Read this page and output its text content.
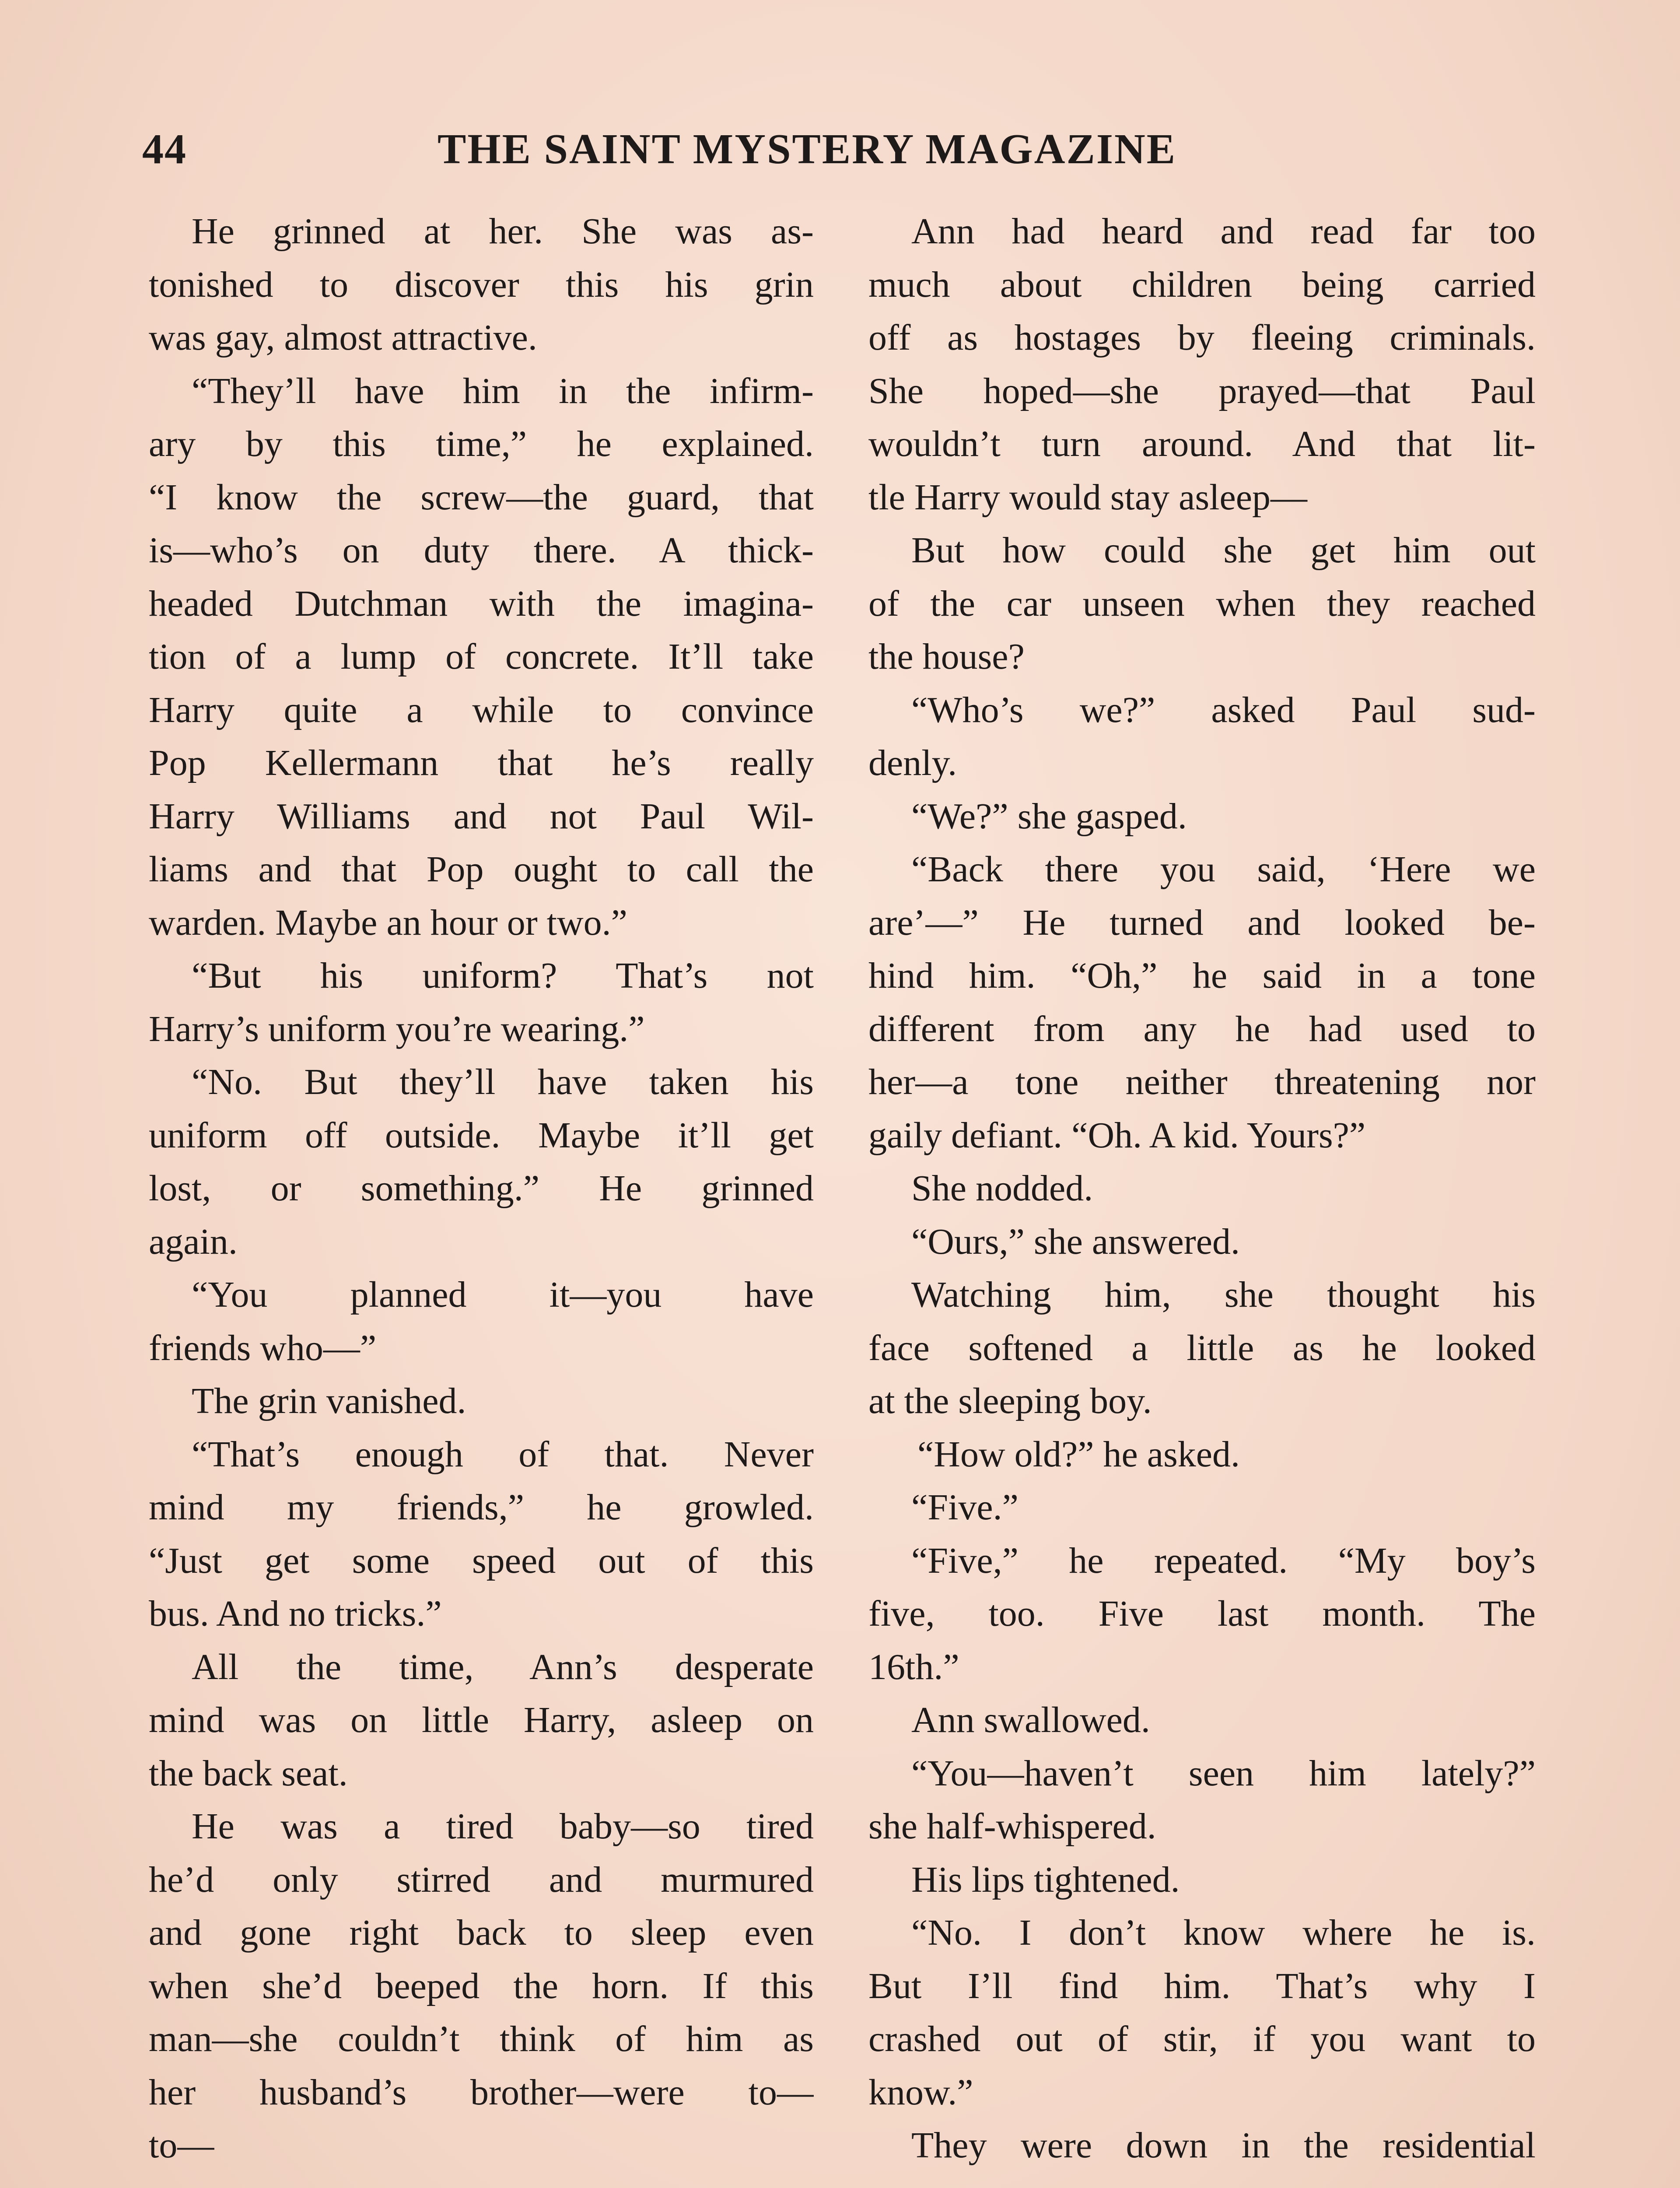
44	THE SAINT MYSTERY MAGAZINE
He grinned at her. She was as-
tonished to discover this his grin
was gay, almost attractive.
“They’ll have him in the infirm-
ary by this time,” he explained.
“I know the screw—the guard, that
is—who’s on duty there. A thick-
headed Dutchman with the imagina-
tion of a lump of concrete. It’ll take
Harry quite a while to convince
Pop Kellermann that he’s really
Harry Williams and not Paul Wil-
liams and that Pop ought to call the
warden. Maybe an hour or two.”
“But his uniform? That’s not
Harry’s uniform you’re wearing.”
“No. But they’ll have taken his
uniform off outside. Maybe it’ll get
lost, or something.” He grinned
again.
“You planned it—you have
friends who—”
The grin vanished.
“That’s enough of that. Never
mind my friends,” he growled.
“Just get some speed out of this
bus. And no tricks.”
All the time, Ann’s desperate
mind was on little Harry, asleep on
the back seat.
He was a tired baby—so tired
he’d only stirred and murmured
and gone right back to sleep even
when she’d beeped the horn. If this
man—she couldn’t think of him as
her husband’s brother—were to—
to—
Ann had heard and read far too
much about children being carried
off as hostages by fleeing criminals.
She hoped—she prayed—that Paul
wouldn’t turn around. And that lit-
tle Harry would stay asleep—
But how could she get him out
of the car unseen when they reached
the house?
“Who’s we?” asked Paul sud-
denly.
“We?” she gasped.
“Back there you said, ‘Here we
are’—” He turned and looked be-
hind him. “Oh,” he said in a tone
different from any he had used to
her—a tone neither threatening nor
gaily defiant. “Oh. A kid. Yours?”
She nodded.
“Ours,” she answered.
Watching him, she thought his
face softened a little as he looked
at the sleeping boy.
“How old?” he asked.
“Five.”
“Five,” he repeated. “My boy’s
five, too. Five last month. The
16th.”
Ann swallowed.
“You—haven’t seen him lately?”
she half-whispered.
His lips tightened.
“No. I don’t know where he is.
But I’ll find him. That’s why I
crashed out of stir, if you want to
know.”
They were down in the residential
